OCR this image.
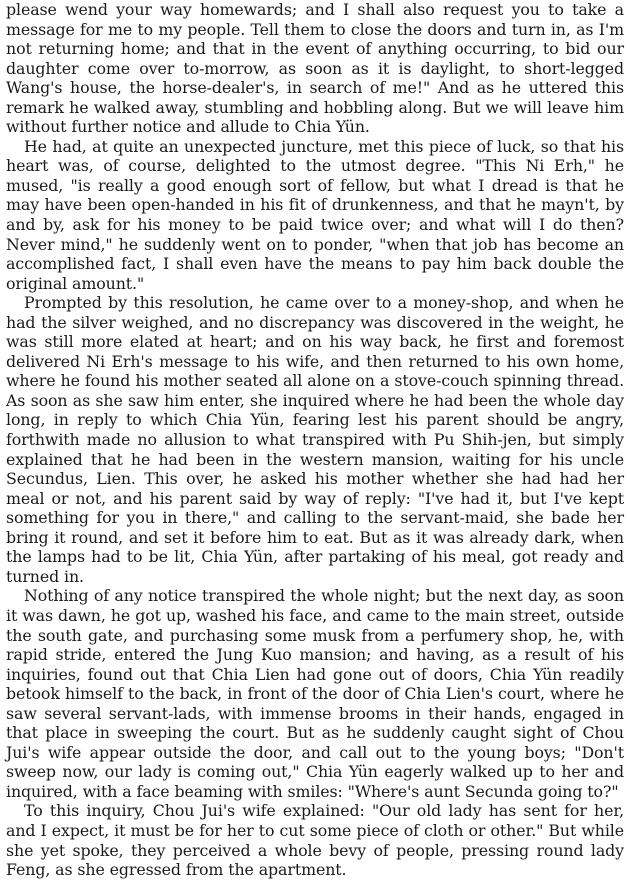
please wend your way homewards; and I shall also request you to take a message for me to my people. Tell them to close the doors and turn in, as I'm not returning home; and that in the event of anything occurring, to bid our daughter come over to-morrow, as soon as it is daylight, to short-legged Wang's house, the horse-dealer's, in search of me!" And as he uttered this remark he walked away, stumbling and hobbling along. But we will leave him without further notice and allude to Chia Yün.

He had, at quite an unexpected juncture, met this piece of luck, so that his heart was, of course, delighted to the utmost degree. "This Ni Erh," he mused, "is really a good enough sort of fellow, but what I dread is that he may have been open-handed in his fit of drunkenness, and that he mayn't, by and by, ask for his money to be paid twice over; and what will I do then? Never mind," he suddenly went on to ponder, "when that job has become an accomplished fact, I shall even have the means to pay him back double the original amount."

Prompted by this resolution, he came over to a money-shop, and when he had the silver weighed, and no discrepancy was discovered in the weight, he was still more elated at heart; and on his way back, he first and foremost delivered Ni Erh's message to his wife, and then returned to his own home, where he found his mother seated all alone on a stove-couch spinning thread. As soon as she saw him enter, she inquired where he had been the whole day long, in reply to which Chia Yün, fearing lest his parent should be angry, forthwith made no allusion to what transpired with Pu Shih-jen, but simply explained that he had been in the western mansion, waiting for his uncle Secundus, Lien. This over, he asked his mother whether she had had her meal or not, and his parent said by way of reply: "I've had it, but I've kept something for you in there," and calling to the servant-maid, she bade her bring it round, and set it before him to eat. But as it was already dark, when the lamps had to be lit, Chia Yün, after partaking of his meal, got ready and turned in.

Nothing of any notice transpired the whole night; but the next day, as soon it was dawn, he got up, washed his face, and came to the main street, outside the south gate, and purchasing some musk from a perfumery shop, he, with rapid stride, entered the Jung Kuo mansion; and having, as a result of his inquiries, found out that Chia Lien had gone out of doors, Chia Yün readily betook himself to the back, in front of the door of Chia Lien's court, where he saw several servant-lads, with immense brooms in their hands, engaged in that place in sweeping the court. But as he suddenly caught sight of Chou Jui's wife appear outside the door, and call out to the young boys; "Don't sweep now, our lady is coming out," Chia Yün eagerly walked up to her and inquired, with a face beaming with smiles: "Where's aunt Secunda going to?"

To this inquiry, Chou Jui's wife explained: "Our old lady has sent for her, and I expect, it must be for her to cut some piece of cloth or other." But while she yet spoke, they perceived a whole bevy of people, pressing round lady Feng, as she egressed from the apartment.
